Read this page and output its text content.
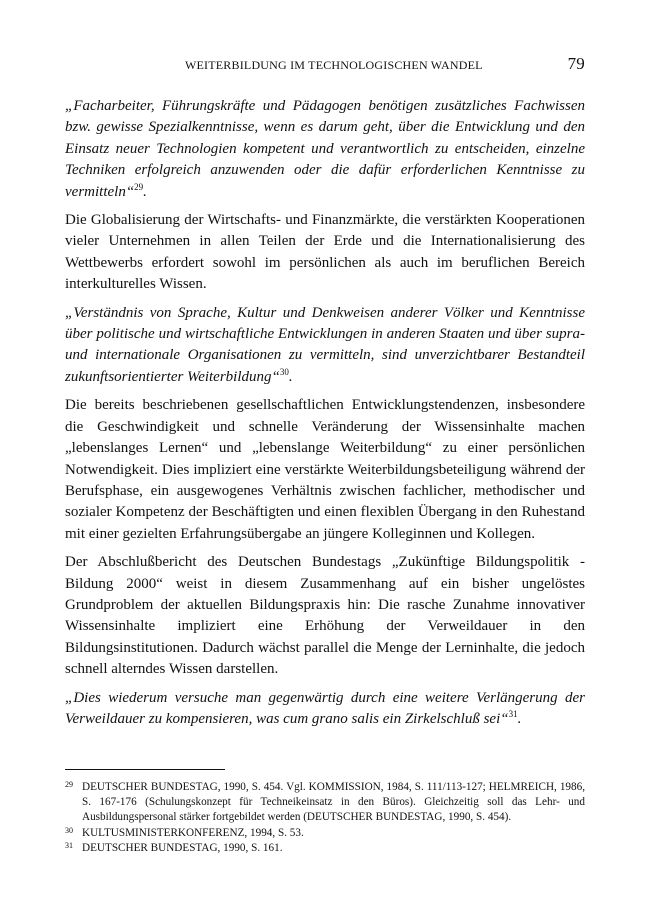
WEITERBILDUNG IM TECHNOLOGISCHEN WANDEL	79

„Facharbeiter, Führungskräfte und Pädagogen benötigen zusätzliches Fachwissen bzw. gewisse Spezialkenntnisse, wenn es darum geht, über die Entwicklung und den Einsatz neuer Technologien kompetent und verantwortlich zu entscheiden, einzelne Techniken erfolgreich anzuwenden oder die dafür erforderlichen Kenntnisse zu vermitteln“$^{29}$.

Die Globalisierung der Wirtschafts- und Finanzmärkte, die verstärkten Kooperationen vieler Unternehmen in allen Teilen der Erde und die Internationalisierung des Wettbewerbs erfordert sowohl im persönlichen als auch im beruflichen Bereich interkulturelles Wissen.

„Verständnis von Sprache, Kultur und Denkweisen anderer Völker und Kenntnisse über politische und wirtschaftliche Entwicklungen in anderen Staaten und über supra- und internationale Organisationen zu vermitteln, sind unverzichtbarer Bestandteil zukunftsorientierter Weiterbildung“$^{30}$.

Die bereits beschriebenen gesellschaftlichen Entwicklungstendenzen, insbesondere die Geschwindigkeit und schnelle Veränderung der Wissensinhalte machen „lebenslanges Lernen“ und „lebenslange Weiterbildung“ zu einer persönlichen Notwendigkeit. Dies impliziert eine verstärkte Weiterbildungsbeteiligung während der Berufsphase, ein ausgewogenes Verhältnis zwischen fachlicher, methodischer und sozialer Kompetenz der Beschäftigten und einen flexiblen Übergang in den Ruhestand mit einer gezielten Erfahrungsübergabe an jüngere Kolleginnen und Kollegen.

Der Abschlußbericht des Deutschen Bundestags „Zukünftige Bildungspolitik - Bildung 2000“ weist in diesem Zusammenhang auf ein bisher ungelöstes Grundproblem der aktuellen Bildungspraxis hin: Die rasche Zunahme innovativer Wissensinhalte impliziert eine Erhöhung der Verweildauer in den Bildungsinstitutionen. Dadurch wächst parallel die Menge der Lerninhalte, die jedoch schnell alterndes Wissen darstellen.

„Dies wiederum versuche man gegenwärtig durch eine weitere Verlängerung der Verweildauer zu kompensieren, was cum grano salis ein Zirkelschluß sei“$^{31}$.

29 DEUTSCHER BUNDESTAG, 1990, S. 454. Vgl. KOMMISSION, 1984, S. 111/113-127; HELMREICH, 1986, S. 167-176 (Schulungskonzept für Techneikeinsatz in den Büros). Gleichzeitig soll das Lehr- und Ausbildungspersonal stärker fortgebildet werden (DEUTSCHER BUNDESTAG, 1990, S. 454).
30 KULTUSMINISTERKONFERENZ, 1994, S. 53.
31 DEUTSCHER BUNDESTAG, 1990, S. 161.
